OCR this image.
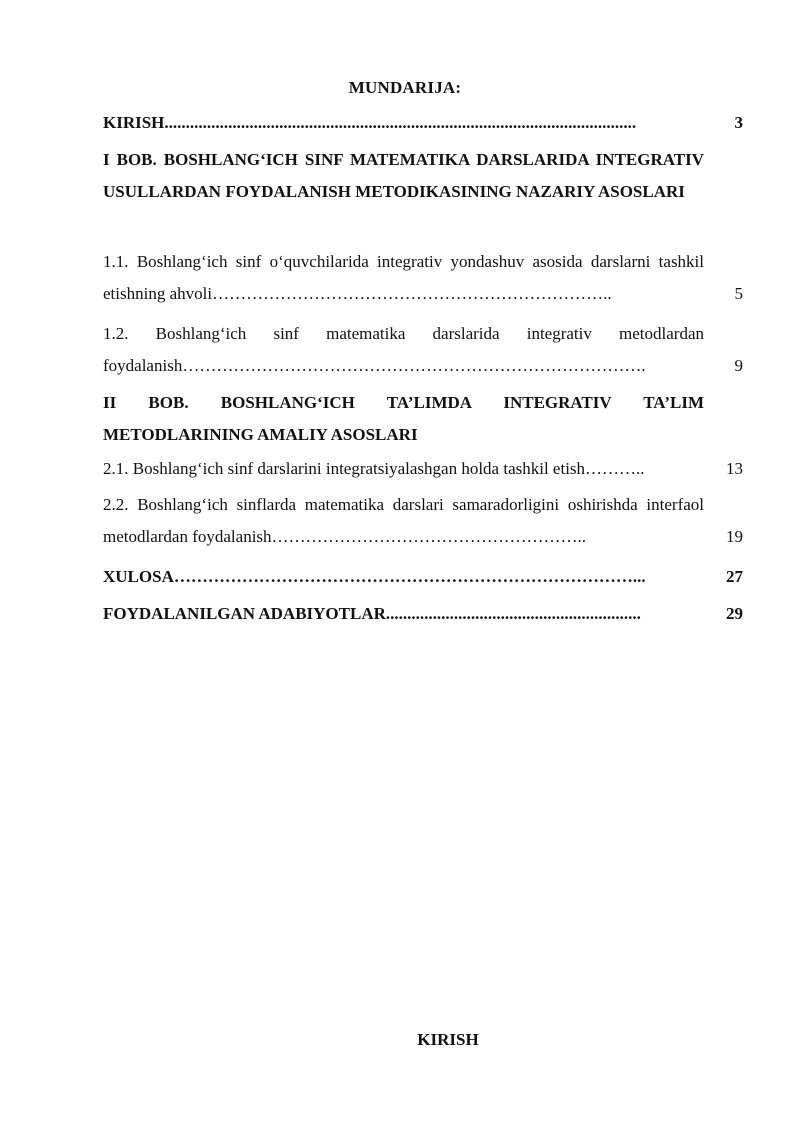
MUNDARIJA:
KIRISH...............................................................................................................	3
I BOB. BOSHLANG‘ICH SINF MATEMATIKA DARSLARIDA INTEGRATIV USULLARDAN FOYDALANISH METODIKASINING NAZARIY ASOSLARI
1.1. Boshlang‘ich sinf o‘quvchilarida integrativ yondashuv asosida darslarni tashkil etishning ahvoli……………………………………………………………..	5
1.2. Boshlang‘ich sinf matematika darslarida integrativ metodlardan foydalanish……………………………………………………………………….	9
II BOB. BOSHLANG‘ICH TA’LIMDA INTEGRATIV TA’LIM METODLARINING AMALIY ASOSLARI
2.1. Boshlang‘ich sinf darslarini integratsiyalashgan holda tashkil etish………..	13
2.2. Boshlang‘ich sinflarda matematika darslari samaradorligini oshirishda interfaol metodlardan foydalanish………………………………………………..	19
XULOSA………………………………………………………………………...	27
FOYDALANILGAN ADABIYOTLAR............................................................	29
KIRISH
